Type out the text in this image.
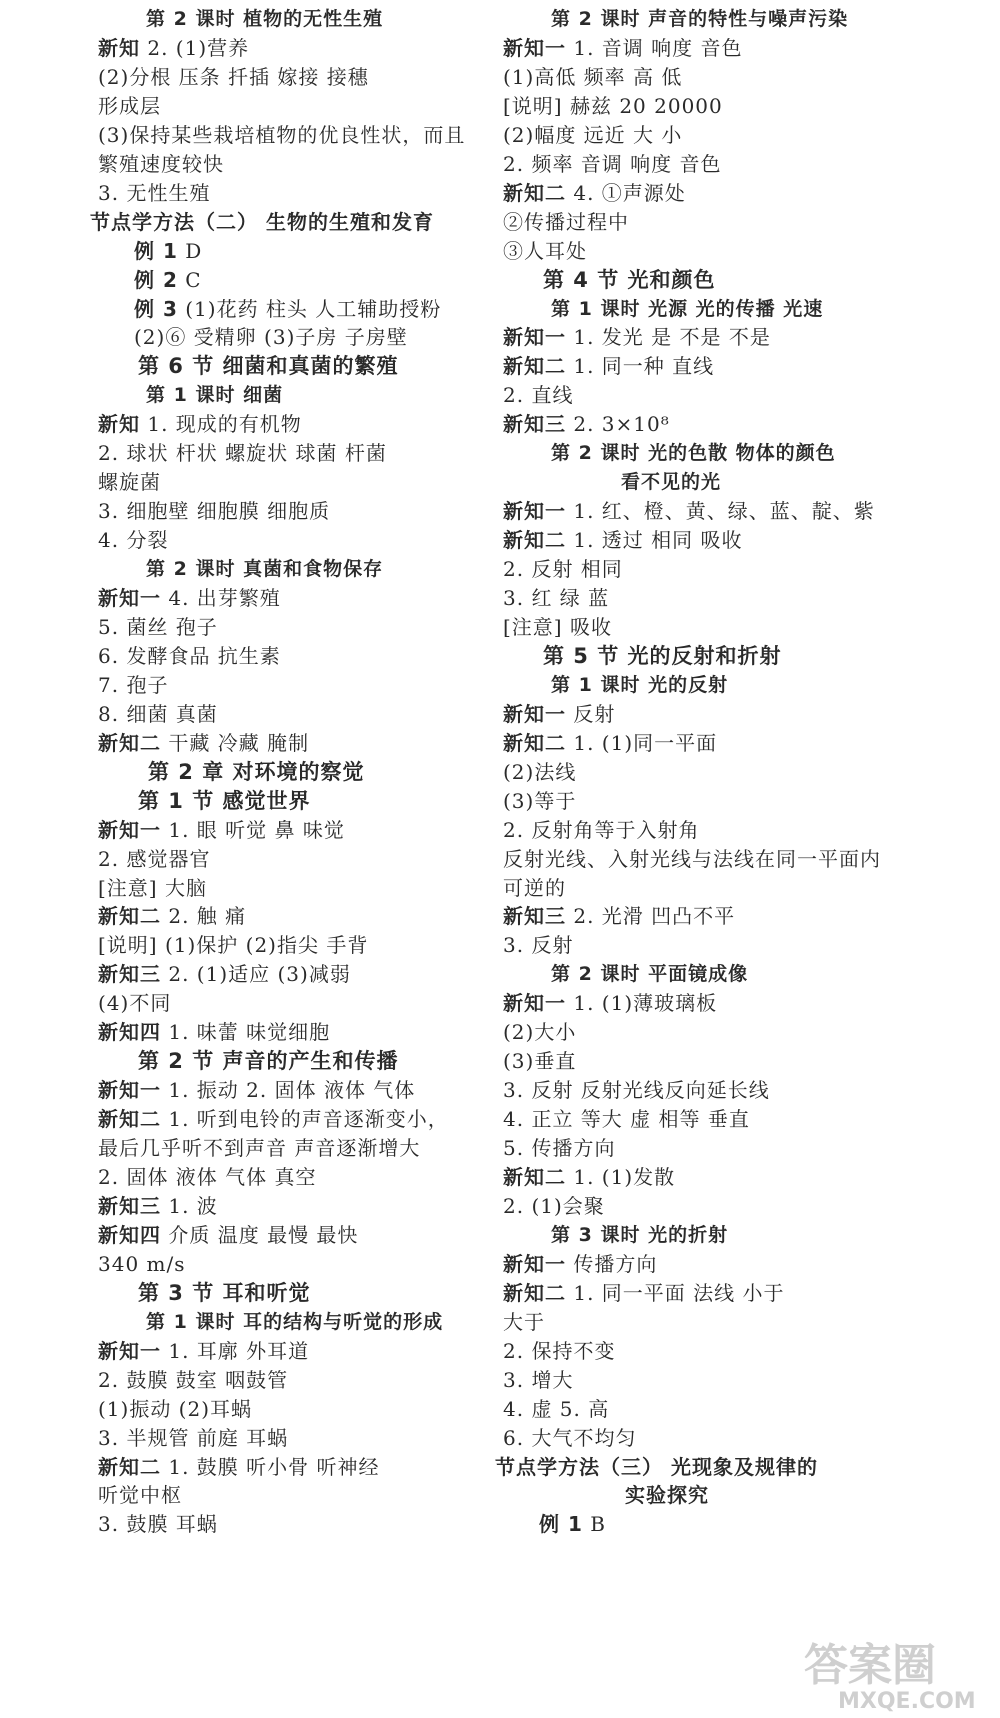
第 2 课时 植物的无性生殖
新知 2. (1)营养
(2)分根 压条 扦插 嫁接 接穗
形成层
(3)保持某些栽培植物的优良性状，而且
繁殖速度较快
3. 无性生殖
节点学方法（二） 生物的生殖和发育
例 1 D
例 2 C
例 3 (1)花药 柱头 人工辅助授粉
(2)⑥ 受精卵 (3)子房 子房壁
第 6 节 细菌和真菌的繁殖
第 1 课时 细菌
新知 1. 现成的有机物
2. 球状 杆状 螺旋状 球菌 杆菌
螺旋菌
3. 细胞壁 细胞膜 细胞质
4. 分裂
第 2 课时 真菌和食物保存
新知一 4. 出芽繁殖
5. 菌丝 孢子
6. 发酵食品 抗生素
7. 孢子
8. 细菌 真菌
新知二 干藏 冷藏 腌制
第 2 章 对环境的察觉
第 1 节 感觉世界
新知一 1. 眼 听觉 鼻 味觉
2. 感觉器官
[注意] 大脑
新知二 2. 触 痛
[说明] (1)保护 (2)指尖 手背
新知三 2. (1)适应 (3)减弱
(4)不同
新知四 1. 味蕾 味觉细胞
第 2 节 声音的产生和传播
新知一 1. 振动 2. 固体 液体 气体
新知二 1. 听到电铃的声音逐渐变小，
最后几乎听不到声音 声音逐渐增大
2. 固体 液体 气体 真空
新知三 1. 波
新知四 介质 温度 最慢 最快
340 m/s
第 3 节 耳和听觉
第 1 课时 耳的结构与听觉的形成
新知一 1. 耳廓 外耳道
2. 鼓膜 鼓室 咽鼓管
(1)振动 (2)耳蜗
3. 半规管 前庭 耳蜗
新知二 1. 鼓膜 听小骨 听神经
听觉中枢
3. 鼓膜 耳蜗
第 2 课时 声音的特性与噪声污染
新知一 1. 音调 响度 音色
(1)高低 频率 高 低
[说明] 赫兹 20 20000
(2)幅度 远近 大 小
2. 频率 音调 响度 音色
新知二 4. ①声源处
②传播过程中
③人耳处
第 4 节 光和颜色
第 1 课时 光源 光的传播 光速
新知一 1. 发光 是 不是 不是
新知二 1. 同一种 直线
2. 直线
新知三 2. 3×10⁸
第 2 课时 光的色散 物体的颜色
看不见的光
新知一 1. 红、橙、黄、绿、蓝、靛、紫
新知二 1. 透过 相同 吸收
2. 反射 相同
3. 红 绿 蓝
[注意] 吸收
第 5 节 光的反射和折射
第 1 课时 光的反射
新知一 反射
新知二 1. (1)同一平面
(2)法线
(3)等于
2. 反射角等于入射角
反射光线、入射光线与法线在同一平面内
可逆的
新知三 2. 光滑 凹凸不平
3. 反射
第 2 课时 平面镜成像
新知一 1. (1)薄玻璃板
(2)大小
(3)垂直
3. 反射 反射光线反向延长线
4. 正立 等大 虚 相等 垂直
5. 传播方向
新知二 1. (1)发散
2. (1)会聚
第 3 课时 光的折射
新知一 传播方向
新知二 1. 同一平面 法线 小于
大于
2. 保持不变
3. 增大
4. 虚 5. 高
6. 大气不均匀
节点学方法（三） 光现象及规律的
实验探究
例 1 B
答案圈
MXQE.COM
